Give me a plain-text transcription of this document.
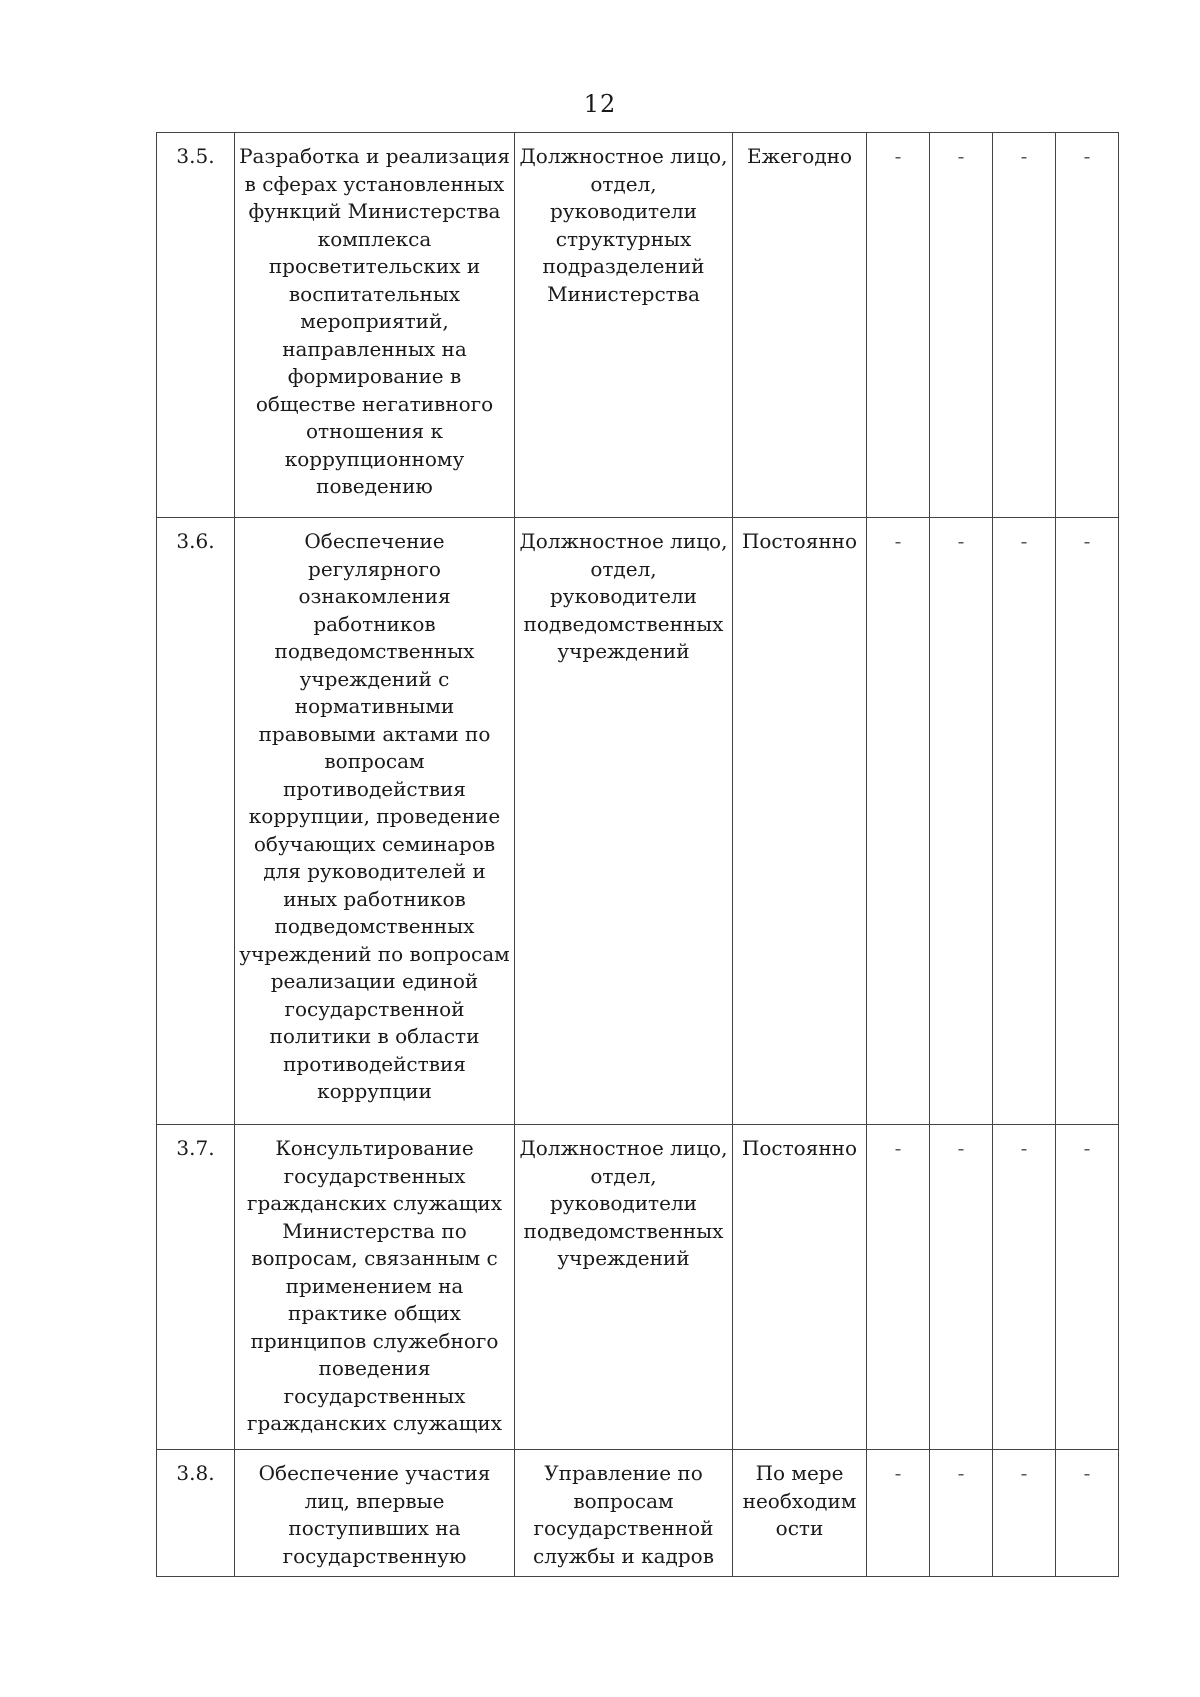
12
3.5.	Разработка и реализация в сферах установленных функций Министерства комплекса просветительских и воспитательных мероприятий, направленных на формирование в обществе негативного отношения к коррупционному поведению	Должностное лицо, отдел, руководители структурных подразделений Министерства	Ежегодно	-	-	-	-
3.6.	Обеспечение регулярного ознакомления работников подведомственных учреждений с нормативными правовыми актами по вопросам противодействия коррупции, проведение обучающих семинаров для руководителей и иных работников подведомственных учреждений по вопросам реализации единой государственной политики в области противодействия коррупции	Должностное лицо, отдел, руководители подведомственных учреждений	Постоянно	-	-	-	-
3.7.	Консультирование государственных гражданских служащих Министерства по вопросам, связанным с применением на практике общих принципов служебного поведения государственных гражданских служащих	Должностное лицо, отдел, руководители подведомственных учреждений	Постоянно	-	-	-	-
3.8.	Обеспечение участия лиц, впервые поступивших на государственную	Управление по вопросам государственной службы и кадров	По мере необходим ости	-	-	-	-
